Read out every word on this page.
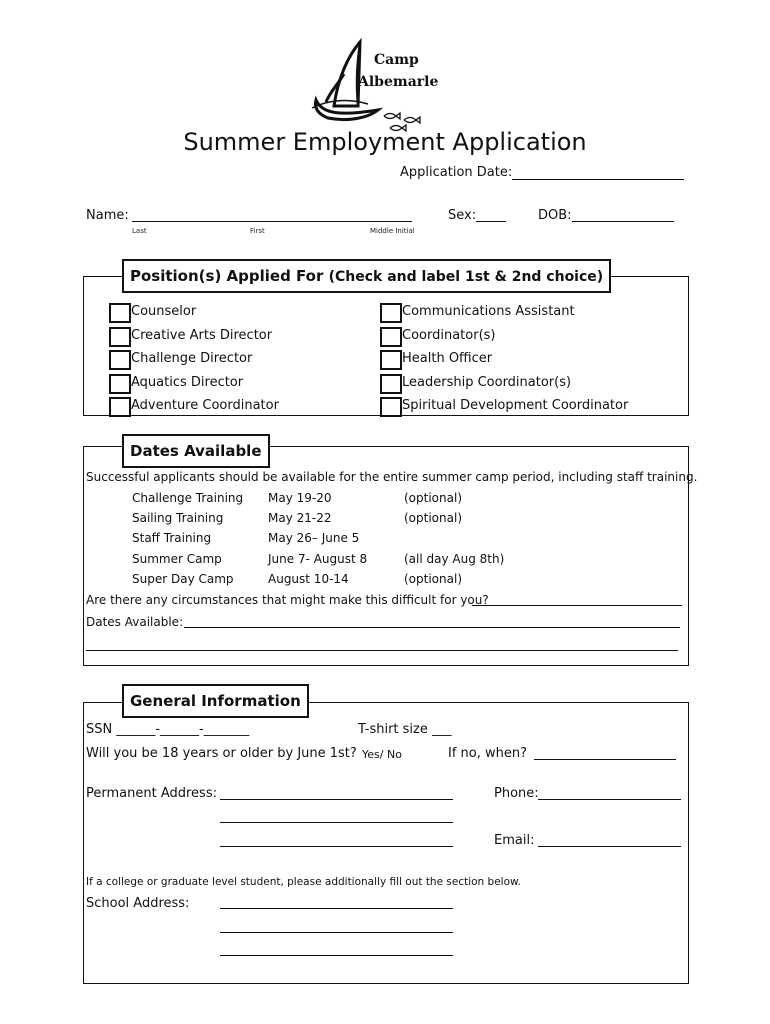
Camp
Albemarle
Summer Employment Application
Application Date:
Name:
Last	First	Middle Initial
Sex:	DOB:
Position(s) Applied For (Check and label 1st & 2nd choice)
Counselor
Creative Arts Director
Challenge Director
Aquatics Director
Adventure Coordinator
Communications Assistant
Coordinator(s)
Health Officer
Leadership Coordinator(s)
Spiritual Development Coordinator
Dates Available
Successful applicants should be available for the entire summer camp period, including staff training.
Challenge Training May 19-20	(optional)
Sailing Training	May 21-22	(optional)
Staff Training	May 26– June 5
Summer Camp	June 7- August 8	(all day Aug 8th)
Super Day Camp	August 10-14	(optional)
Are there any circumstances that might make this difficult for you?
Dates Available:
General Information
SSN ______-______-_______	T-shirt size ___
Will you be 18 years or older by June 1st? Yes/ No	If no, when?
Permanent Address:	Phone:
Email:
If a college or graduate level student, please additionally fill out the section below.
School Address:
